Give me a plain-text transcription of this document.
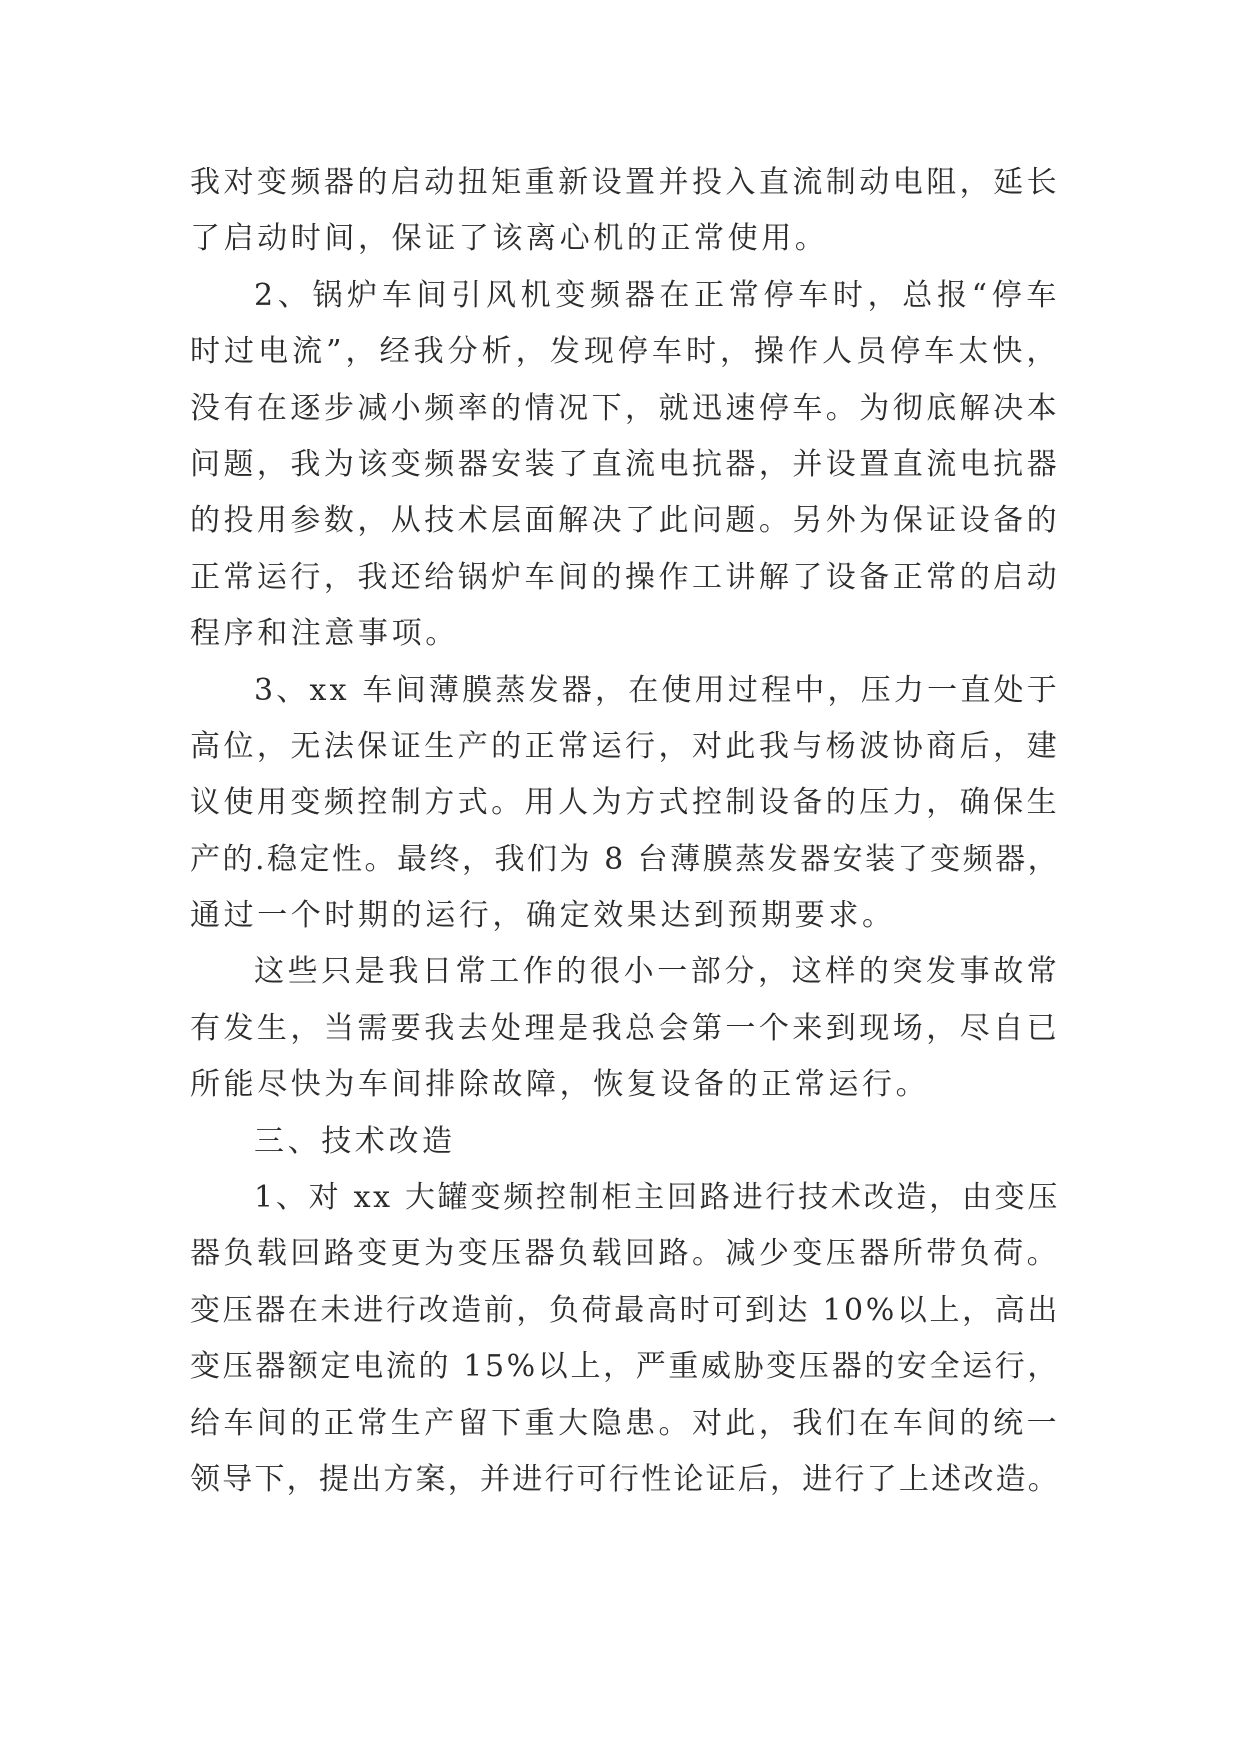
我对变频器的启动扭矩重新设置并投入直流制动电阻，延长
了启动时间，保证了该离心机的正常使用。
2、锅炉车间引风机变频器在正常停车时，总报“停车
时过电流”，经我分析，发现停车时，操作人员停车太快，
没有在逐步减小频率的情况下，就迅速停车。为彻底解决本
问题，我为该变频器安装了直流电抗器，并设置直流电抗器
的投用参数，从技术层面解决了此问题。另外为保证设备的
正常运行，我还给锅炉车间的操作工讲解了设备正常的启动
程序和注意事项。
3、xx 车间薄膜蒸发器，在使用过程中，压力一直处于
高位，无法保证生产的正常运行，对此我与杨波协商后，建
议使用变频控制方式。用人为方式控制设备的压力，确保生
产的.稳定性。最终，我们为 8 台薄膜蒸发器安装了变频器，
通过一个时期的运行，确定效果达到预期要求。
这些只是我日常工作的很小一部分，这样的突发事故常
有发生，当需要我去处理是我总会第一个来到现场，尽自已
所能尽快为车间排除故障，恢复设备的正常运行。
三、技术改造
1、对 xx 大罐变频控制柜主回路进行技术改造，由变压
器负载回路变更为变压器负载回路。减少变压器所带负荷。
变压器在未进行改造前，负荷最高时可到达 10%以上，高出
变压器额定电流的 15%以上，严重威胁变压器的安全运行，
给车间的正常生产留下重大隐患。对此，我们在车间的统一
领导下，提出方案，并进行可行性论证后，进行了上述改造。
